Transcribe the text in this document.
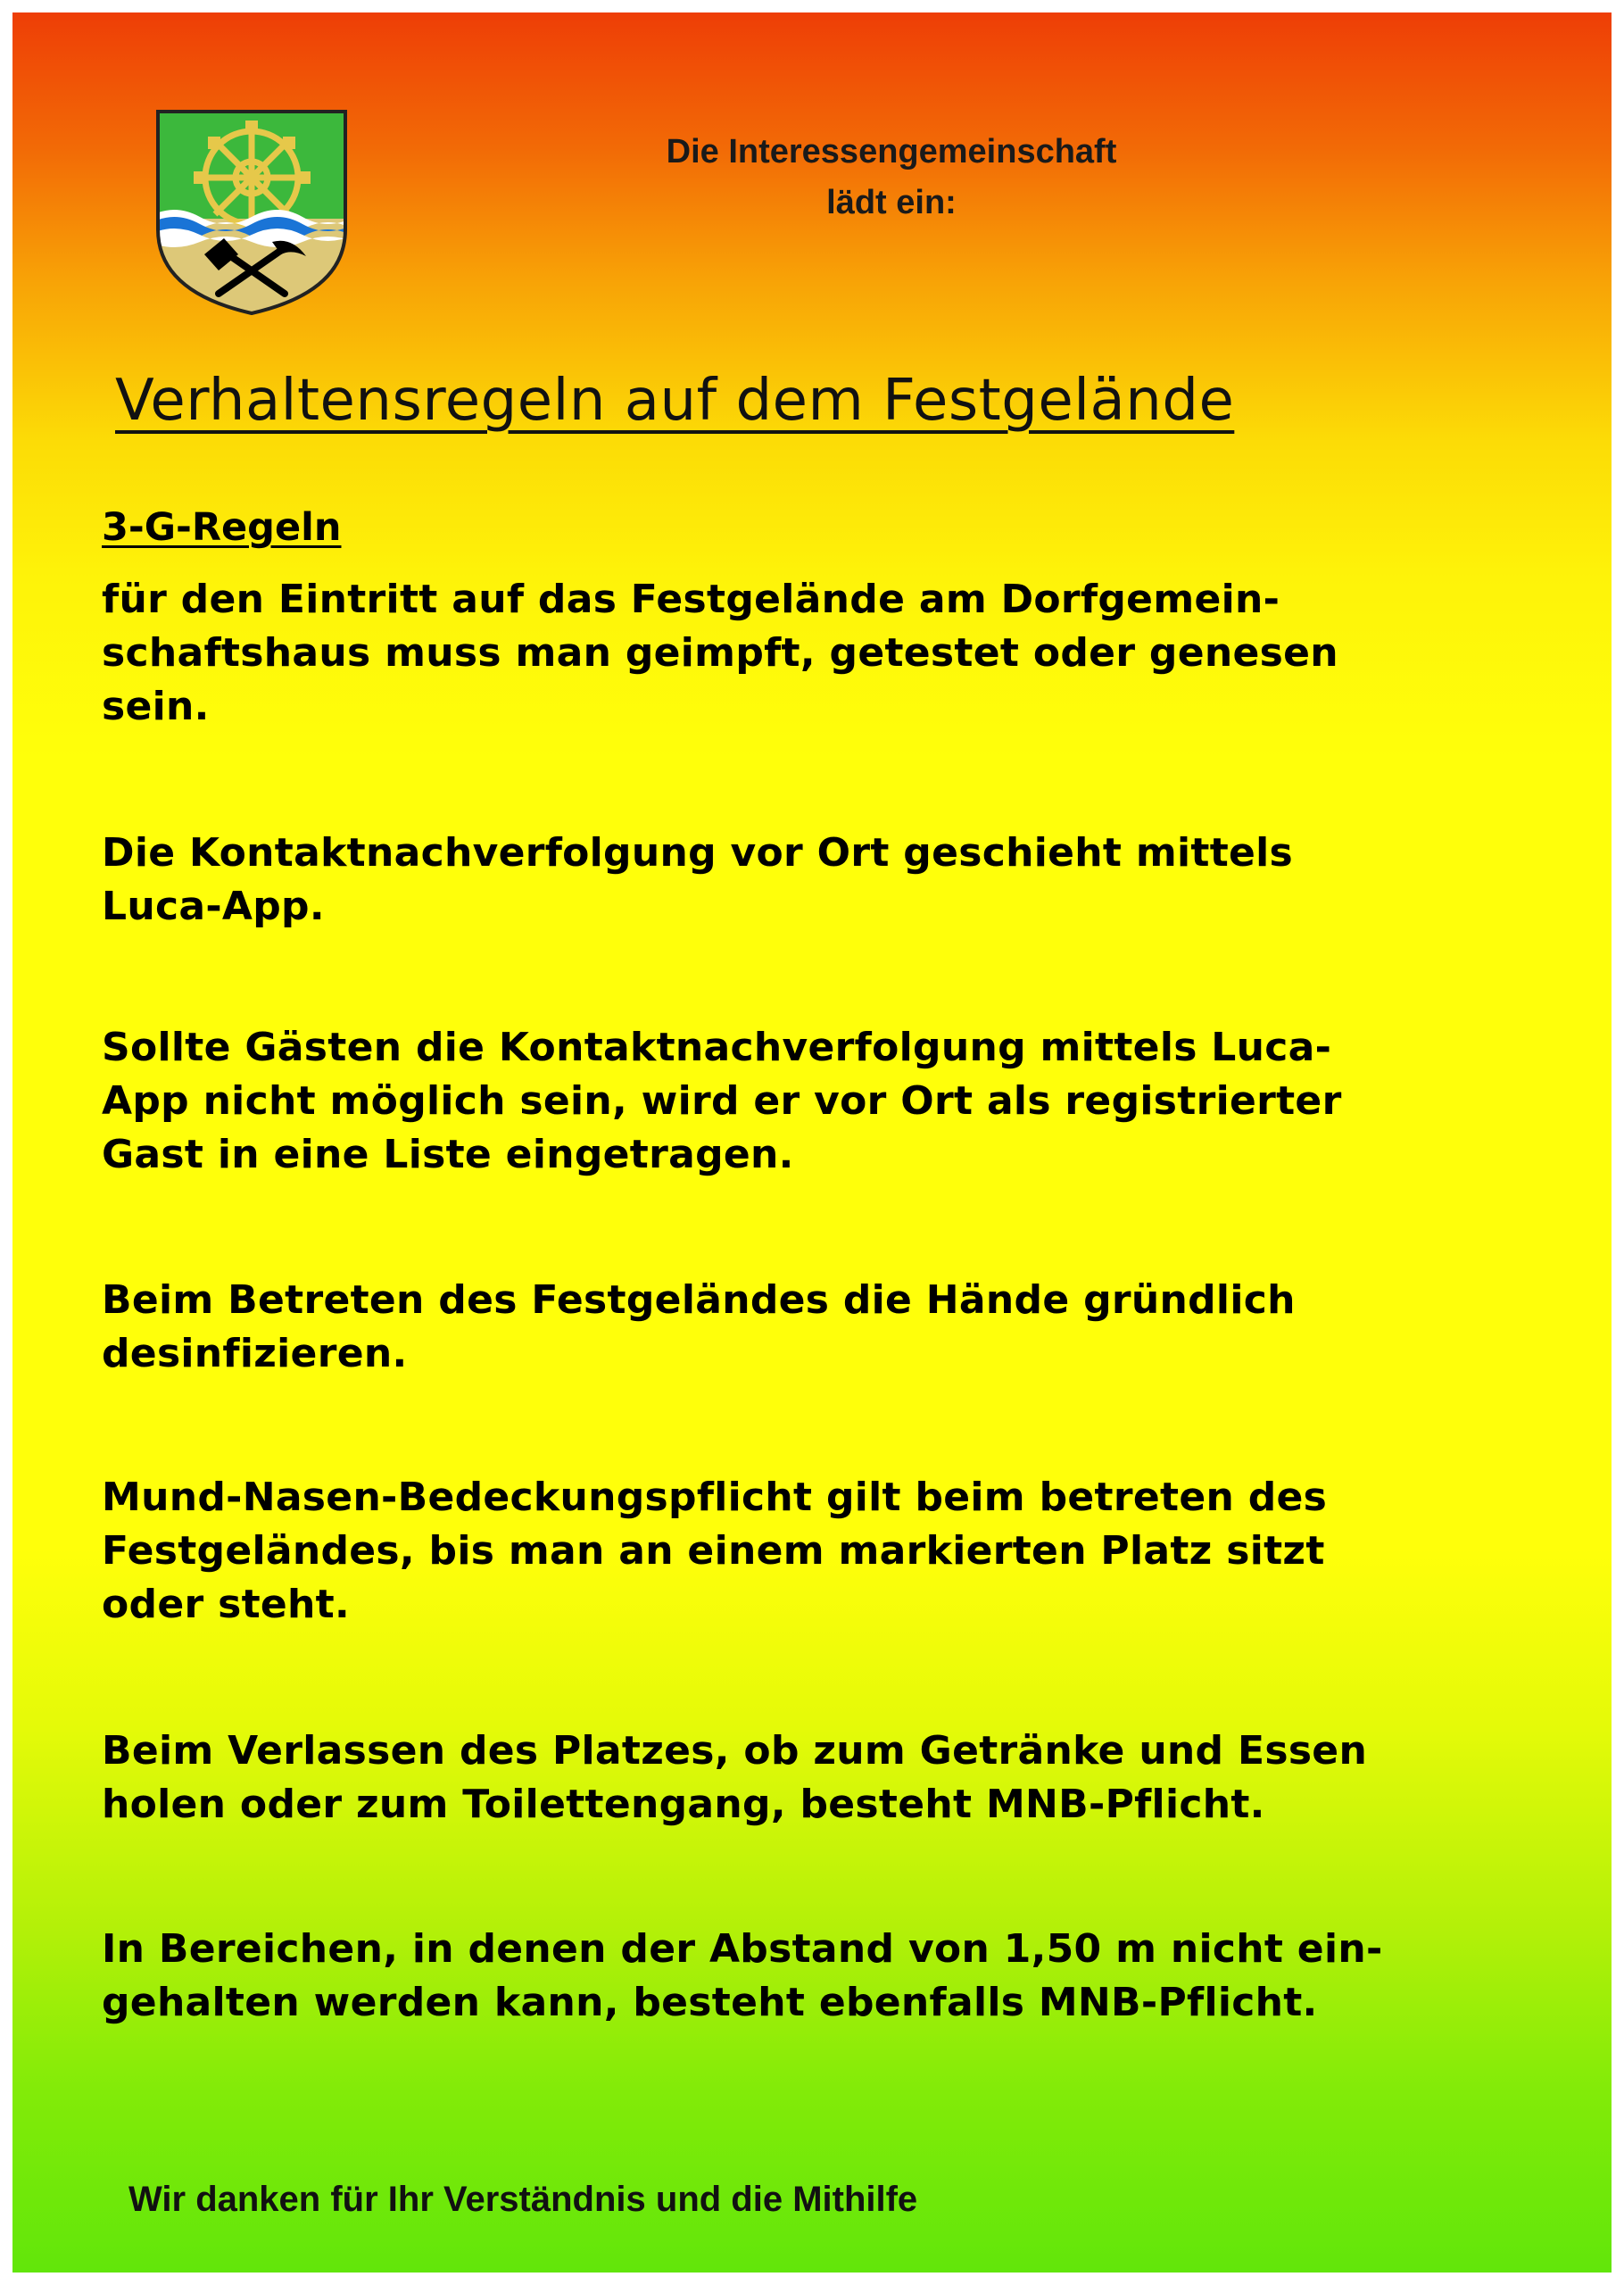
Die Interessengemeinschaft
lädt ein:
Verhaltensregeln auf dem Festgelände
3-G-Regeln
für den Eintritt auf das Festgelände am Dorfgemein-
schaftshaus muss man geimpft, getestet oder genesen
sein.
Die Kontaktnachverfolgung vor Ort geschieht mittels
Luca-App.
Sollte Gästen die Kontaktnachverfolgung mittels Luca-
App nicht möglich sein, wird er vor Ort als registrierter
Gast in eine Liste eingetragen.
Beim Betreten des Festgeländes die Hände gründlich
desinfizieren.
Mund-Nasen-Bedeckungspflicht gilt beim betreten des
Festgeländes, bis man an einem markierten Platz sitzt
oder steht.
Beim Verlassen des Platzes, ob zum Getränke und Essen
holen oder zum Toilettengang, besteht MNB-Pflicht.
In Bereichen, in denen der Abstand von 1,50 m nicht ein-
gehalten werden kann, besteht ebenfalls MNB-Pflicht.
Wir danken für Ihr Verständnis und die Mithilfe
